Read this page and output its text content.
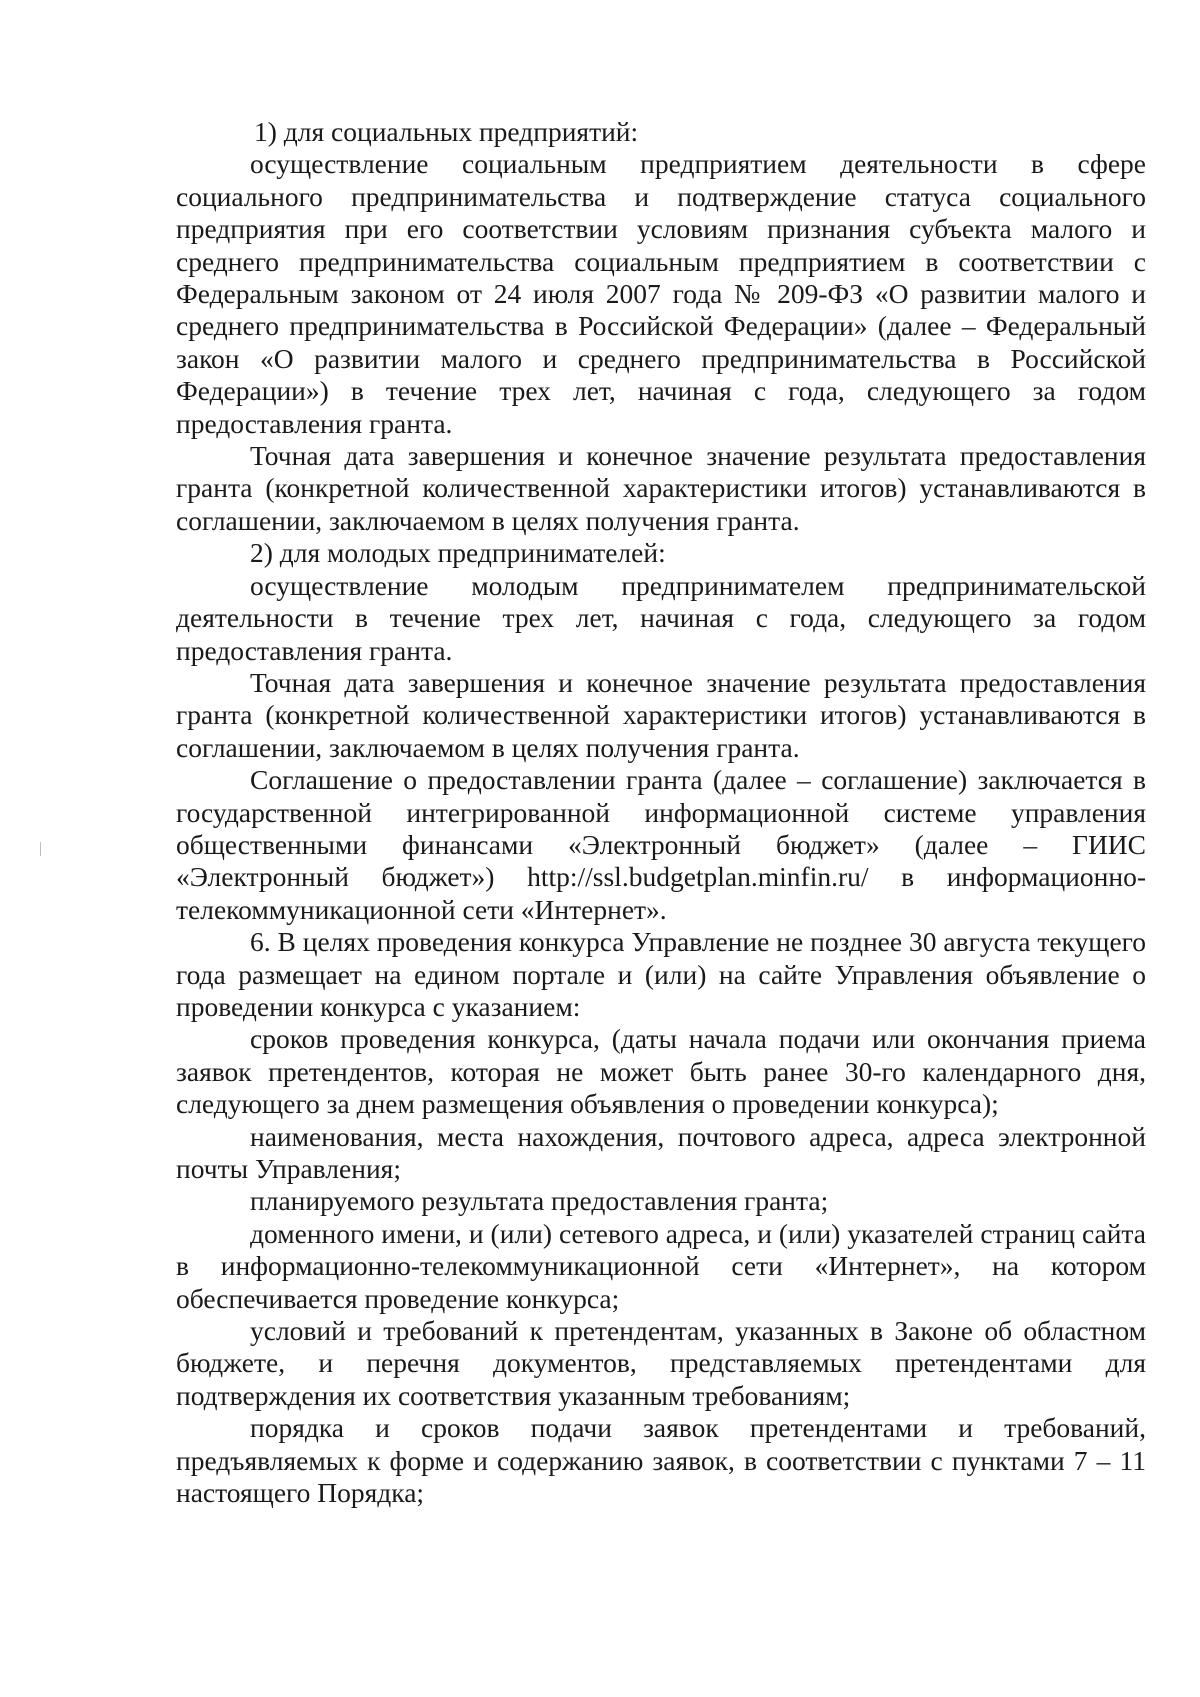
1) для социальных предприятий:

осуществление социальным предприятием деятельности в сфере социального предпринимательства и подтверждение статуса социального предприятия при его соответствии условиям признания субъекта малого и среднего предпринимательства социальным предприятием в соответствии с Федеральным законом от 24 июля 2007 года № 209-ФЗ «О развитии малого и среднего предпринимательства в Российской Федерации» (далее – Федеральный закон «О развитии малого и среднего предпринимательства в Российской Федерации») в течение трех лет, начиная с года, следующего за годом предоставления гранта.

Точная дата завершения и конечное значение результата предоставления гранта (конкретной количественной характеристики итогов) устанавливаются в соглашении, заключаемом в целях получения гранта.

2) для молодых предпринимателей:

осуществление молодым предпринимателем предпринимательской деятельности в течение трех лет, начиная с года, следующего за годом предоставления гранта.

Точная дата завершения и конечное значение результата предоставления гранта (конкретной количественной характеристики итогов) устанавливаются в соглашении, заключаемом в целях получения гранта.

Соглашение о предоставлении гранта (далее – соглашение) заключается в государственной интегрированной информационной системе управления общественными финансами «Электронный бюджет» (далее – ГИИС «Электронный бюджет») http://ssl.budgetplan.minfin.ru/ в информационно-телекоммуникационной сети «Интернет».

6. В целях проведения конкурса Управление не позднее 30 августа текущего года размещает на едином портале и (или) на сайте Управления объявление о проведении конкурса с указанием:

сроков проведения конкурса, (даты начала подачи или окончания приема заявок претендентов, которая не может быть ранее 30-го календарного дня, следующего за днем размещения объявления о проведении конкурса);

наименования, места нахождения, почтового адреса, адреса электронной почты Управления;

планируемого результата предоставления гранта;

доменного имени, и (или) сетевого адреса, и (или) указателей страниц сайта в информационно-телекоммуникационной сети «Интернет», на котором обеспечивается проведение конкурса;

условий и требований к претендентам, указанных в Законе об областном бюджете, и перечня документов, представляемых претендентами для подтверждения их соответствия указанным требованиям;

порядка и сроков подачи заявок претендентами и требований, предъявляемых к форме и содержанию заявок, в соответствии с пунктами 7 – 11 настоящего Порядка;
